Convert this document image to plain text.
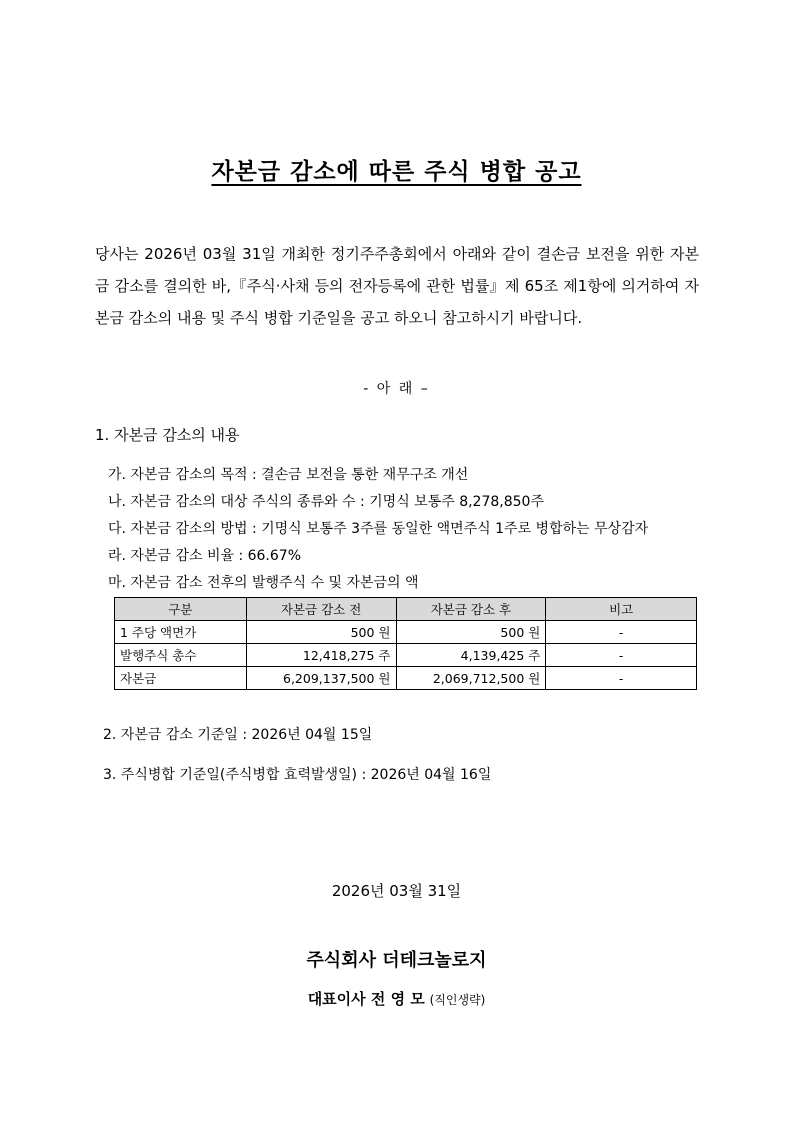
자본금 감소에 따른 주식 병합 공고

당사는 2026년 03월 31일 개최한 정기주주총회에서 아래와 같이 결손금 보전을 위한 자본금 감소를 결의한 바,『주식·사채 등의 전자등록에 관한 법률』제 65조 제1항에 의거하여 자본금 감소의 내용 및 주식 병합 기준일을 공고 하오니 참고하시기 바랍니다.

- 아 래 –
1. 자본금 감소의 내용
가. 자본금 감소의 목적 : 결손금 보전을 통한 재무구조 개선
나. 자본금 감소의 대상 주식의 종류와 수 : 기명식 보통주 8,278,850주
다. 자본금 감소의 방법 : 기명식 보통주 3주를 동일한 액면주식 1주로 병합하는 무상감자
라. 자본금 감소 비율 : 66.67%
마. 자본금 감소 전후의 발행주식 수 및 자본금의 액
구분	자본금 감소 전	자본금 감소 후	비고
1 주당 액면가	500 원	500 원	-
발행주식 총수	12,418,275 주	4,139,425 주	-
자본금	6,209,137,500 원	2,069,712,500 원	-
2. 자본금 감소 기준일 : 2026년 04월 15일
3. 주식병합 기준일(주식병합 효력발생일) : 2026년 04월 16일
2026년 03월 31일
주식회사 더테크놀로지
대표이사 전 영 모 (직인생략)
